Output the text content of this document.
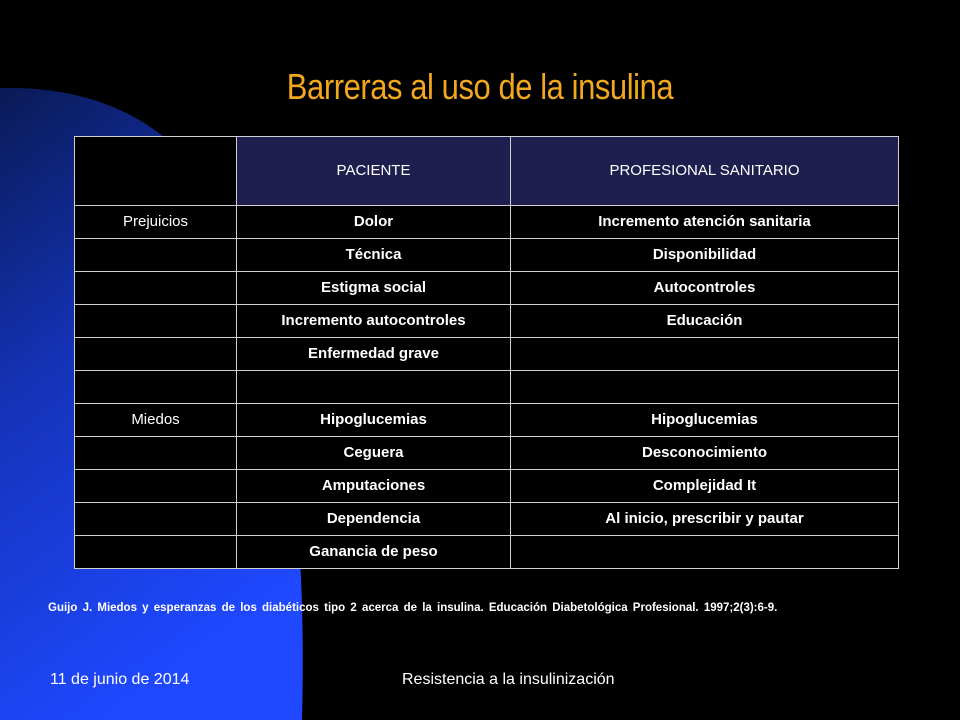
Barreras al uso de la insulina
	PACIENTE	PROFESIONAL SANITARIO
Prejuicios	Dolor	Incremento atención sanitaria
	Técnica	Disponibilidad
	Estigma social	Autocontroles
	Incremento autocontroles	Educación
	Enfermedad grave	

Miedos	Hipoglucemias	Hipoglucemias
	Ceguera	Desconocimiento
	Amputaciones	Complejidad It
	Dependencia	Al inicio, prescribir y pautar
	Ganancia de peso	
Guijo J. Miedos y esperanzas de los diabéticos tipo 2 acerca de la insulina. Educación Diabetológica Profesional. 1997;2(3):6-9.
11 de junio de 2014	Resistencia a la insulinización
